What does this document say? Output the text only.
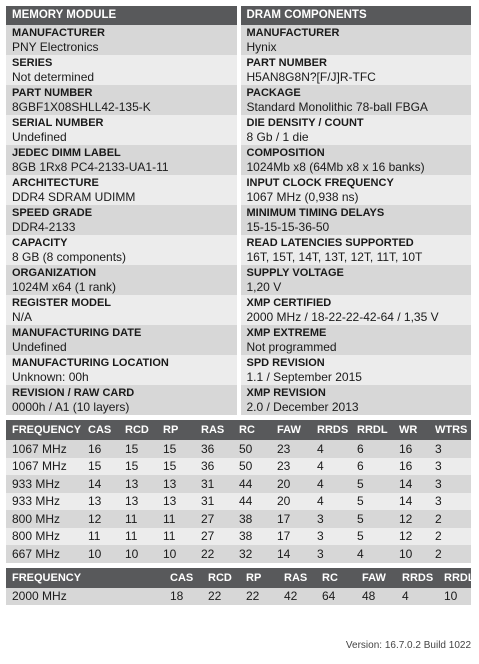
MEMORY MODULE
MANUFACTURER
PNY Electronics
SERIES
Not determined
PART NUMBER
8GBF1X08SHLL42-135-K
SERIAL NUMBER
Undefined
JEDEC DIMM LABEL
8GB 1Rx8 PC4-2133-UA1-11
ARCHITECTURE
DDR4 SDRAM UDIMM
SPEED GRADE
DDR4-2133
CAPACITY
8 GB (8 components)
ORGANIZATION
1024M x64 (1 rank)
REGISTER MODEL
N/A
MANUFACTURING DATE
Undefined
MANUFACTURING LOCATION
Unknown: 00h
REVISION / RAW CARD
0000h / A1 (10 layers)
DRAM COMPONENTS
MANUFACTURER
Hynix
PART NUMBER
H5AN8G8N?[F/J]R-TFC
PACKAGE
Standard Monolithic 78-ball FBGA
DIE DENSITY / COUNT
8 Gb / 1 die
COMPOSITION
1024Mb x8 (64Mb x8 x 16 banks)
INPUT CLOCK FREQUENCY
1067 MHz (0,938 ns)
MINIMUM TIMING DELAYS
15-15-15-36-50
READ LATENCIES SUPPORTED
16T, 15T, 14T, 13T, 12T, 11T, 10T
SUPPLY VOLTAGE
1,20 V
XMP CERTIFIED
2000 MHz / 18-22-22-42-64 / 1,35 V
XMP EXTREME
Not programmed
SPD REVISION
1.1 / September 2015
XMP REVISION
2.0 / December 2013
FREQUENCY	CAS	RCD	RP	RAS	RC	FAW	RRDS	RRDL	WR	WTRS
1067 MHz	16	15	15	36	50	23	4	6	16	3
1067 MHz	15	15	15	36	50	23	4	6	16	3
933 MHz	14	13	13	31	44	20	4	5	14	3
933 MHz	13	13	13	31	44	20	4	5	14	3
800 MHz	12	11	11	27	38	17	3	5	12	2
800 MHz	11	11	11	27	38	17	3	5	12	2
667 MHz	10	10	10	22	32	14	3	4	10	2
FREQUENCY		CAS	RCD	RP	RAS	RC	FAW	RRDS	RRDL
2000 MHz		18	22	22	42	64	48	4	10
Version: 16.7.0.2 Build 1022
